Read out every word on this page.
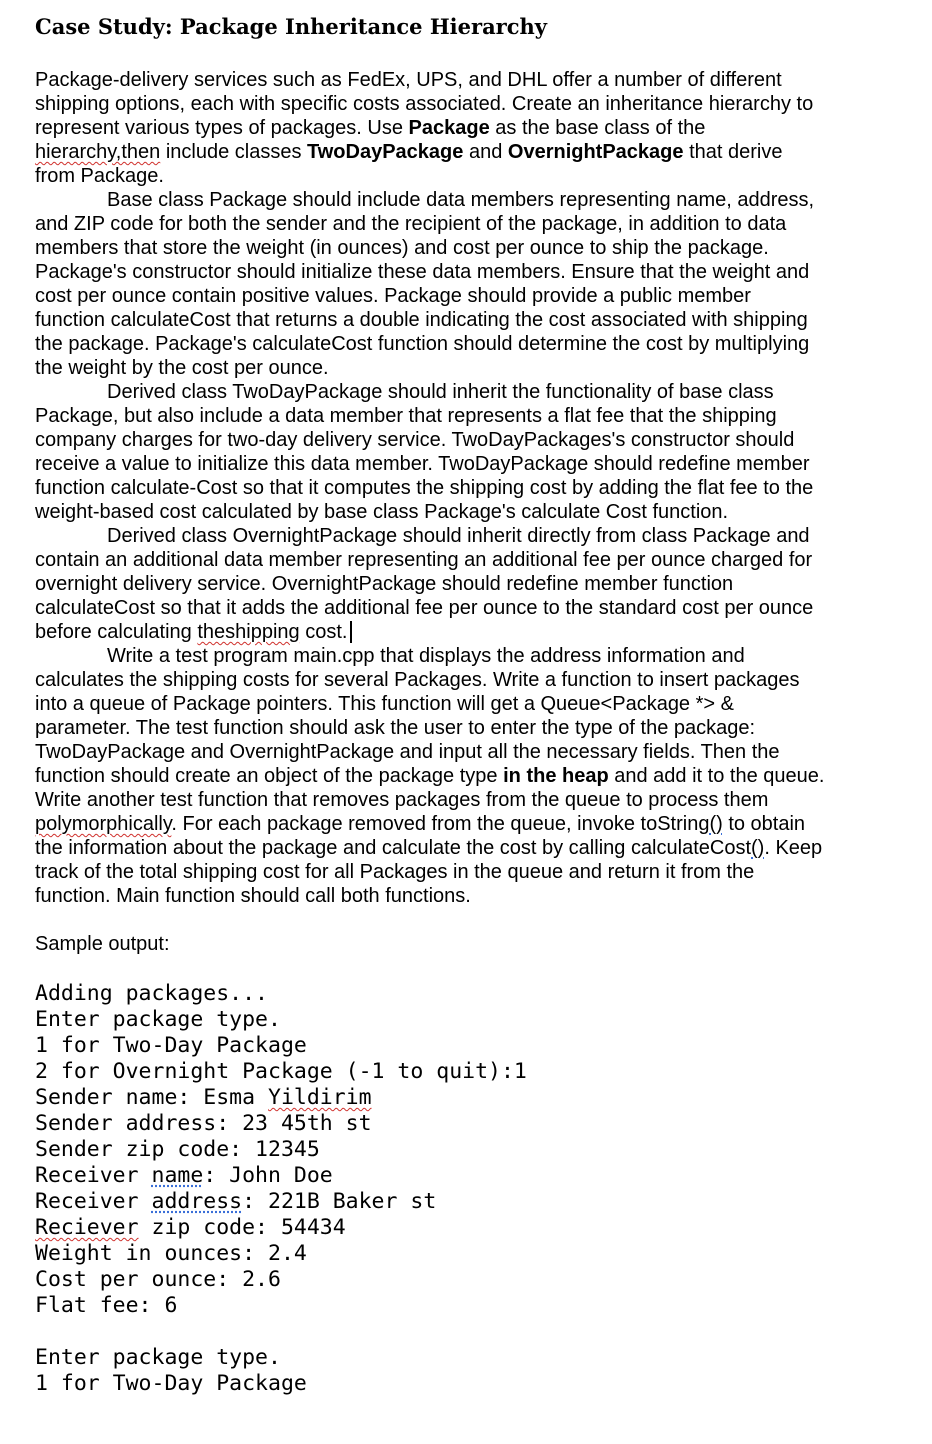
Case Study: Package Inheritance Hierarchy
Package-delivery services such as FedEx, UPS, and DHL offer a number of different
shipping options, each with specific costs associated. Create an inheritance hierarchy to
represent various types of packages. Use Package as the base class of the
hierarchy,then include classes TwoDayPackage and OvernightPackage that derive
from Package.
Base class Package should include data members representing name, address,
and ZIP code for both the sender and the recipient of the package, in addition to data
members that store the weight (in ounces) and cost per ounce to ship the package.
Package's constructor should initialize these data members. Ensure that the weight and
cost per ounce contain positive values. Package should provide a public member
function calculateCost that returns a double indicating the cost associated with shipping
the package. Package's calculateCost function should determine the cost by multiplying
the weight by the cost per ounce.
Derived class TwoDayPackage should inherit the functionality of base class
Package, but also include a data member that represents a flat fee that the shipping
company charges for two-day delivery service. TwoDayPackages's constructor should
receive a value to initialize this data member. TwoDayPackage should redefine member
function calculate-Cost so that it computes the shipping cost by adding the flat fee to the
weight-based cost calculated by base class Package's calculate Cost function.
Derived class OvernightPackage should inherit directly from class Package and
contain an additional data member representing an additional fee per ounce charged for
overnight delivery service. OvernightPackage should redefine member function
calculateCost so that it adds the additional fee per ounce to the standard cost per ounce
before calculating theshipping cost.
Write a test program main.cpp that displays the address information and
calculates the shipping costs for several Packages. Write a function to insert packages
into a queue of Package pointers. This function will get a Queue<Package *> &
parameter. The test function should ask the user to enter the type of the package:
TwoDayPackage and OvernightPackage and input all the necessary fields. Then the
function should create an object of the package type in the heap and add it to the queue.
Write another test function that removes packages from the queue to process them
polymorphically. For each package removed from the queue, invoke toString() to obtain
the information about the package and calculate the cost by calling calculateCost(). Keep
track of the total shipping cost for all Packages in the queue and return it from the
function. Main function should call both functions.
Sample output:
Adding packages...
Enter package type.
1 for Two-Day Package
2 for Overnight Package (-1 to quit):1
Sender name: Esma Yildirim
Sender address: 23 45th st
Sender zip code: 12345
Receiver name: John Doe
Receiver address: 221B Baker st
Reciever zip code: 54434
Weight in ounces: 2.4
Cost per ounce: 2.6
Flat fee: 6
Enter package type.
1 for Two-Day Package
